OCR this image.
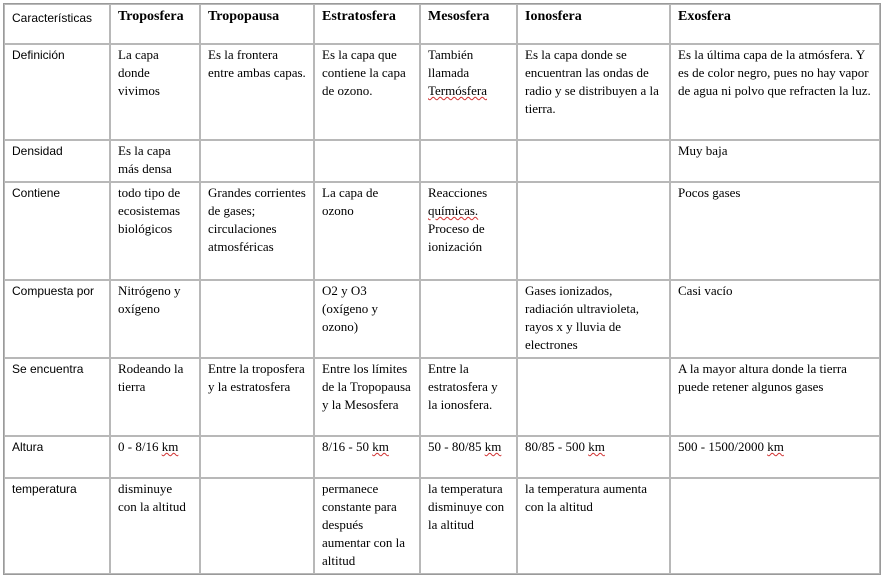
Características	Troposfera	Tropopausa	Estratosfera	Mesosfera	Ionosfera	Exosfera
Definición	La capa donde vivimos	Es la frontera entre ambas capas.	Es la capa que contiene la capa de ozono.	También llamada Termósfera	Es la capa donde se encuentran las ondas de radio y se distribuyen a la tierra.	Es la última capa de la atmósfera. Y es de color negro, pues no hay vapor de agua ni polvo que refracten la luz.
Densidad	Es la capa más densa					Muy baja
Contiene	todo tipo de ecosistemas biológicos	Grandes corrientes de gases; circulaciones atmosféricas	La capa de ozono	Reacciones químicas. Proceso de ionización		Pocos gases
Compuesta por	Nitrógeno y oxígeno		O2 y O3 (oxígeno y ozono)		Gases ionizados, radiación ultravioleta, rayos x y lluvia de electrones	Casi vacío
Se encuentra	Rodeando la tierra	Entre la troposfera y la estratosfera	Entre los límites de la Tropopausa y la Mesosfera	Entre la estratosfera y la ionosfera.		A la mayor altura donde la tierra puede retener algunos gases
Altura	0 - 8/16 km		8/16 - 50 km	50 - 80/85 km	80/85 - 500 km	500 - 1500/2000 km
temperatura	disminuye con la altitud		permanece constante para después aumentar con la altitud	la temperatura disminuye con la altitud	la temperatura aumenta con la altitud	
